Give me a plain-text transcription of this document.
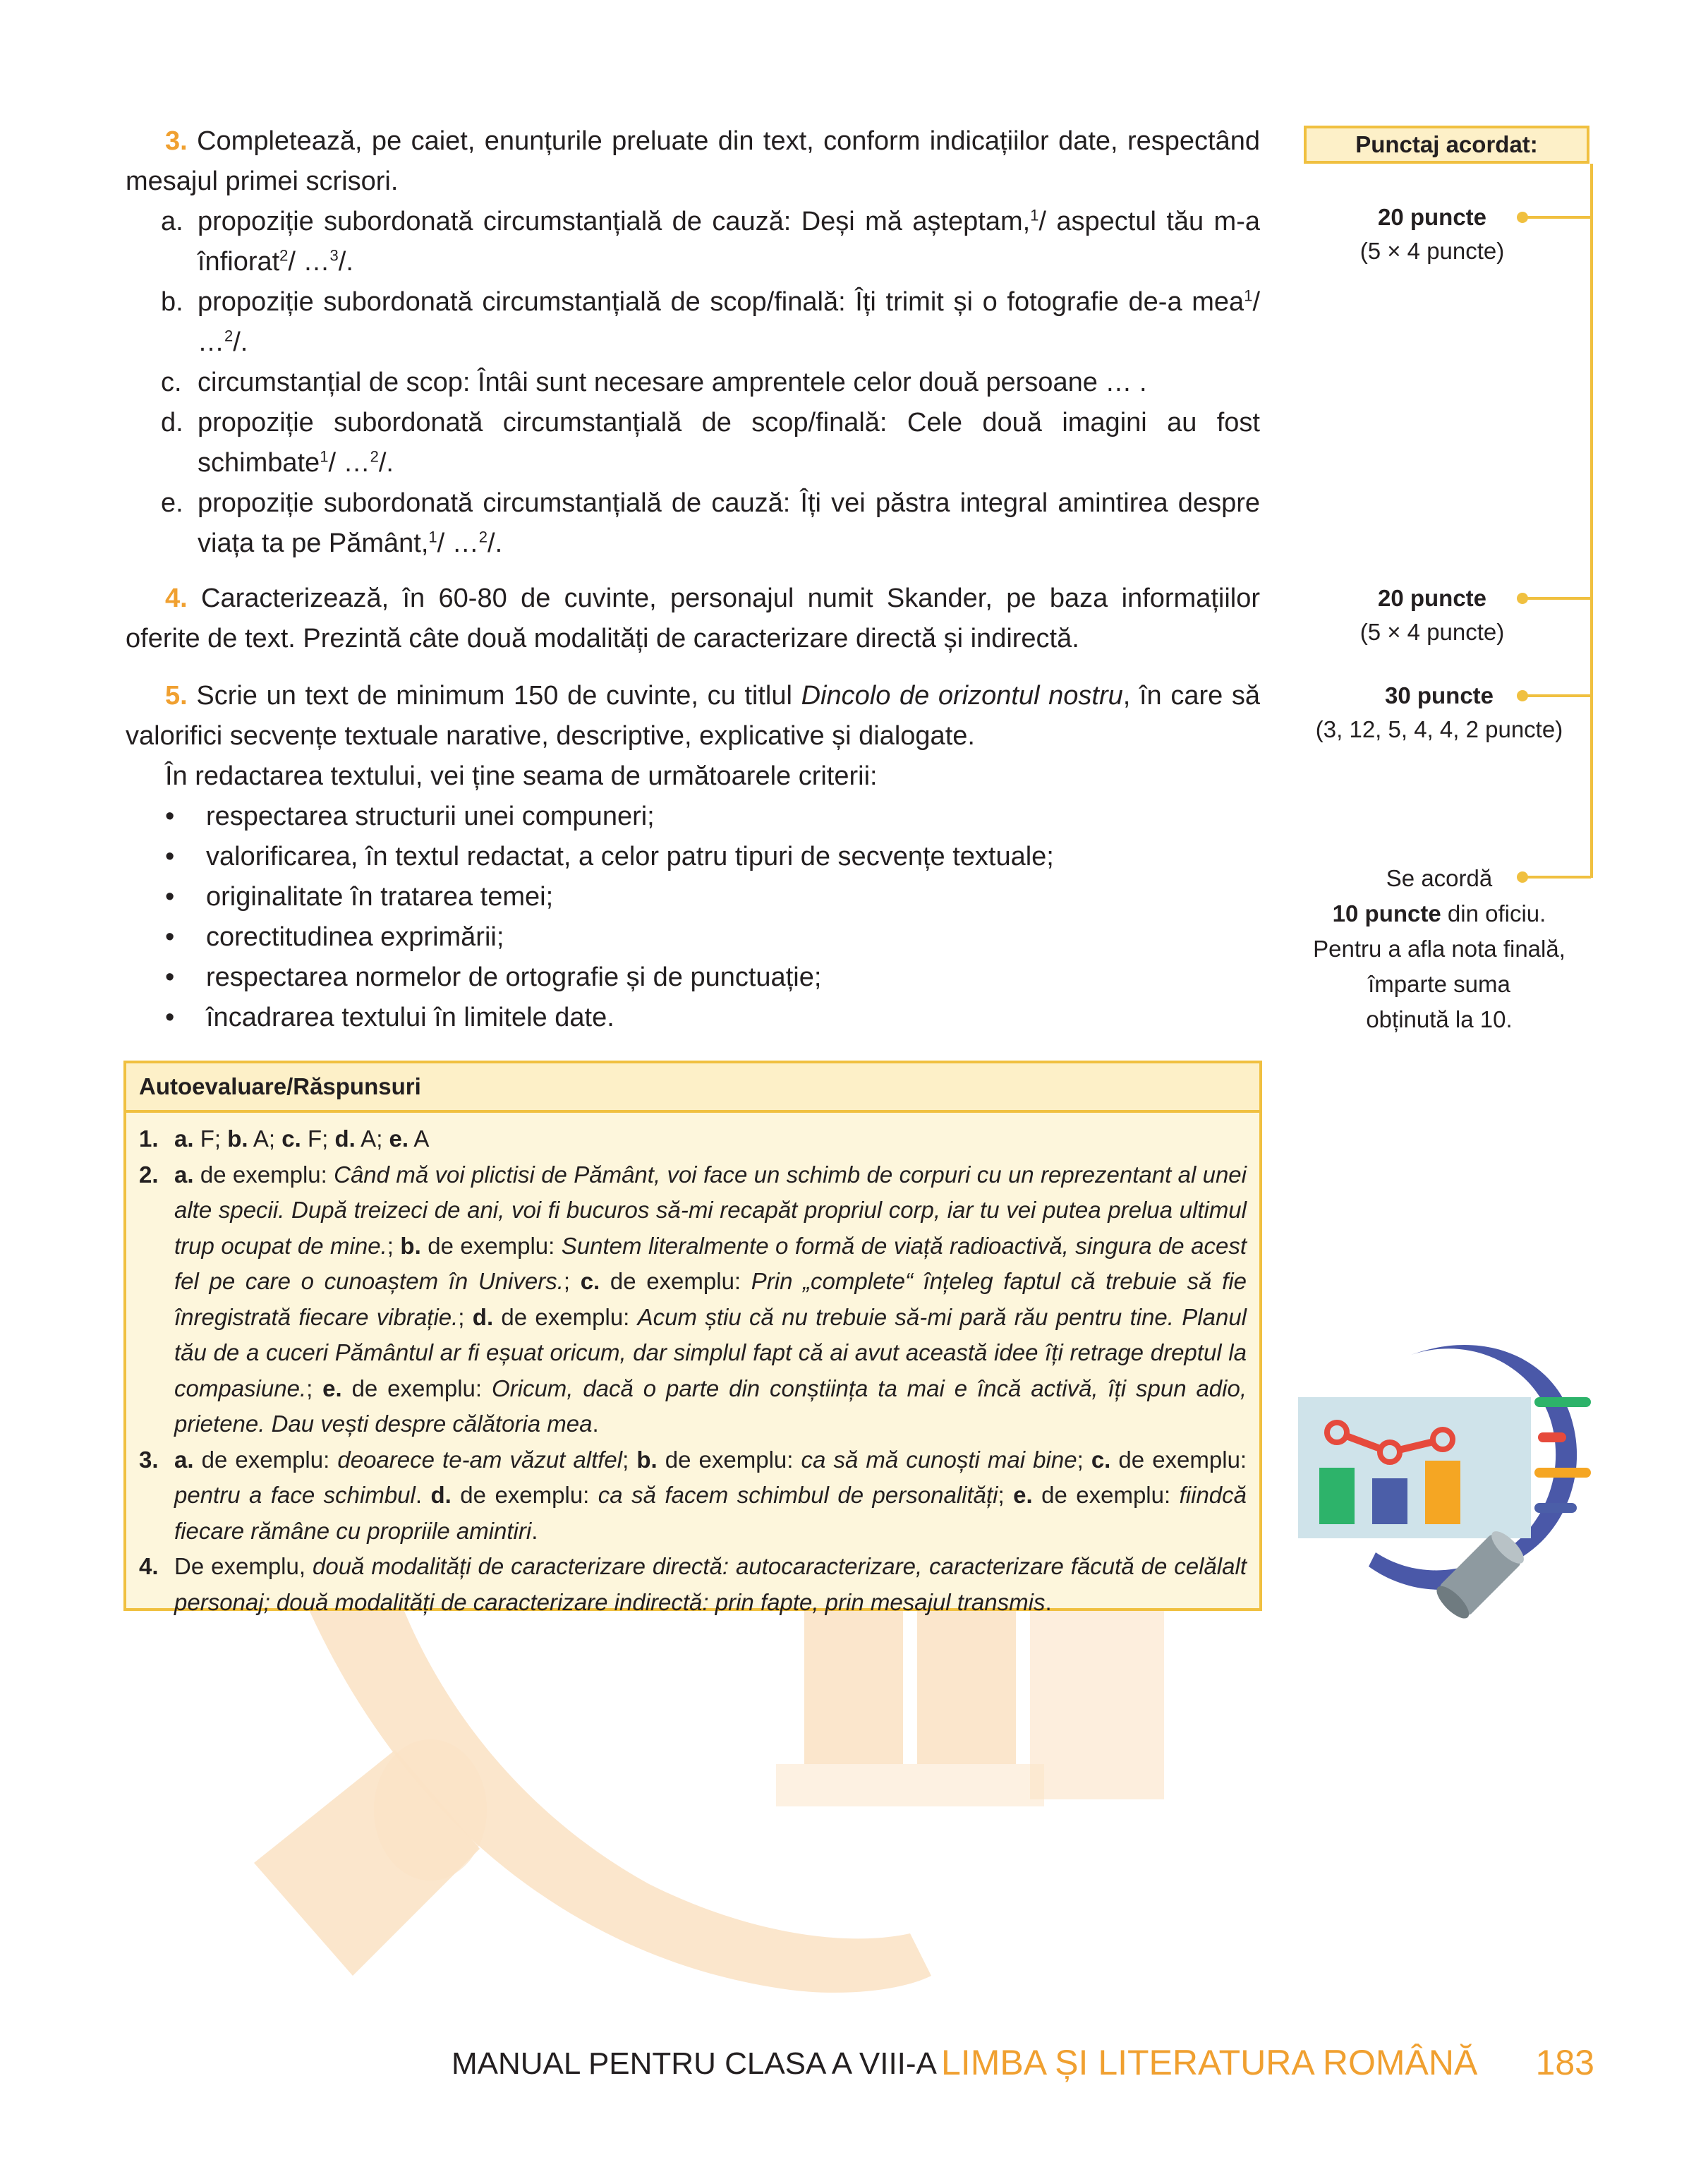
3. Completează, pe caiet, enunțurile preluate din text, conform indicațiilor date, respectând mesajul primei scrisori.

a. propoziție subordonată circumstanțială de cauză: Deși mă așteptam,$^1$/ aspectul tău m-a înfiorat$^2$/ …$^3$/.
b. propoziție subordonată circumstanțială de scop/finală: Îți trimit și o fotografie de-a mea$^1$/ …$^2$/.
c. circumstanțial de scop: Întâi sunt necesare amprentele celor două persoane … .
d. propoziție subordonată circumstanțială de scop/finală: Cele două imagini au fost schimbate$^1$/ …$^2$/.
e. propoziție subordonată circumstanțială de cauză: Îți vei păstra integral amintirea despre viața ta pe Pământ,$^1$/ …$^2$/.

4. Caracterizează, în 60-80 de cuvinte, personajul numit Skander, pe baza informațiilor oferite de text. Prezintă câte două modalități de caracterizare directă și indirectă.

5. Scrie un text de minimum 150 de cuvinte, cu titlul Dincolo de orizontul nostru, în care să valorifici secvențe textuale narative, descriptive, explicative și dialogate.

În redactarea textului, vei ține seama de următoarele criterii:
•	respectarea structurii unei compuneri;
•	valorificarea, în textul redactat, a celor patru tipuri de secvențe textuale;
•	originalitate în tratarea temei;
•	corectitudinea exprimării;
•	respectarea normelor de ortografie și de punctuație;
•	încadrarea textului în limitele date.
Punctaj acordat:
20 puncte
(5 × 4 puncte)
20 puncte
(5 × 4 puncte)
30 puncte
(3, 12, 5, 4, 4, 2 puncte)
Se acordă
10 puncte din oficiu.
Pentru a afla nota finală,
împarte suma
obținută la 10.
Autoevaluare/Răspunsuri
1. a. F; b. A; c. F; d. A; e. A
2. a. de exemplu: Când mă voi plictisi de Pământ, voi face un schimb de corpuri cu un reprezentant al unei alte specii. După treizeci de ani, voi fi bucuros să-mi recapăt propriul corp, iar tu vei putea prelua ultimul trup ocupat de mine.; b. de exemplu: Suntem literalmente o formă de viață radioactivă, singura de acest fel pe care o cunoaștem în Univers.; c. de exemplu: Prin „complete“ înțeleg faptul că trebuie să fie înregistrată fiecare vibrație.; d. de exemplu: Acum știu că nu trebuie să-mi pară rău pentru tine. Planul tău de a cuceri Pământul ar fi eșuat oricum, dar simplul fapt că ai avut această idee îți retrage dreptul la compasiune.; e. de exemplu: Oricum, dacă o parte din conștiința ta mai e încă activă, îți spun adio, prietene. Dau vești despre călătoria mea.
3. a. de exemplu: deoarece te-am văzut altfel; b. de exemplu: ca să mă cunoști mai bine; c. de exemplu: pentru a face schimbul. d. de exemplu: ca să facem schimbul de personalități; e. de exemplu: fiindcă fiecare rămâne cu propriile amintiri.
4. De exemplu, două modalități de caracterizare directă: autocaracterizare, caracterizare făcută de celălalt personaj; două modalități de caracterizare indirectă: prin fapte, prin mesajul transmis.
MANUAL PENTRU CLASA A VIII-A LIMBA ȘI LITERATURA ROMÂNĂ 183
